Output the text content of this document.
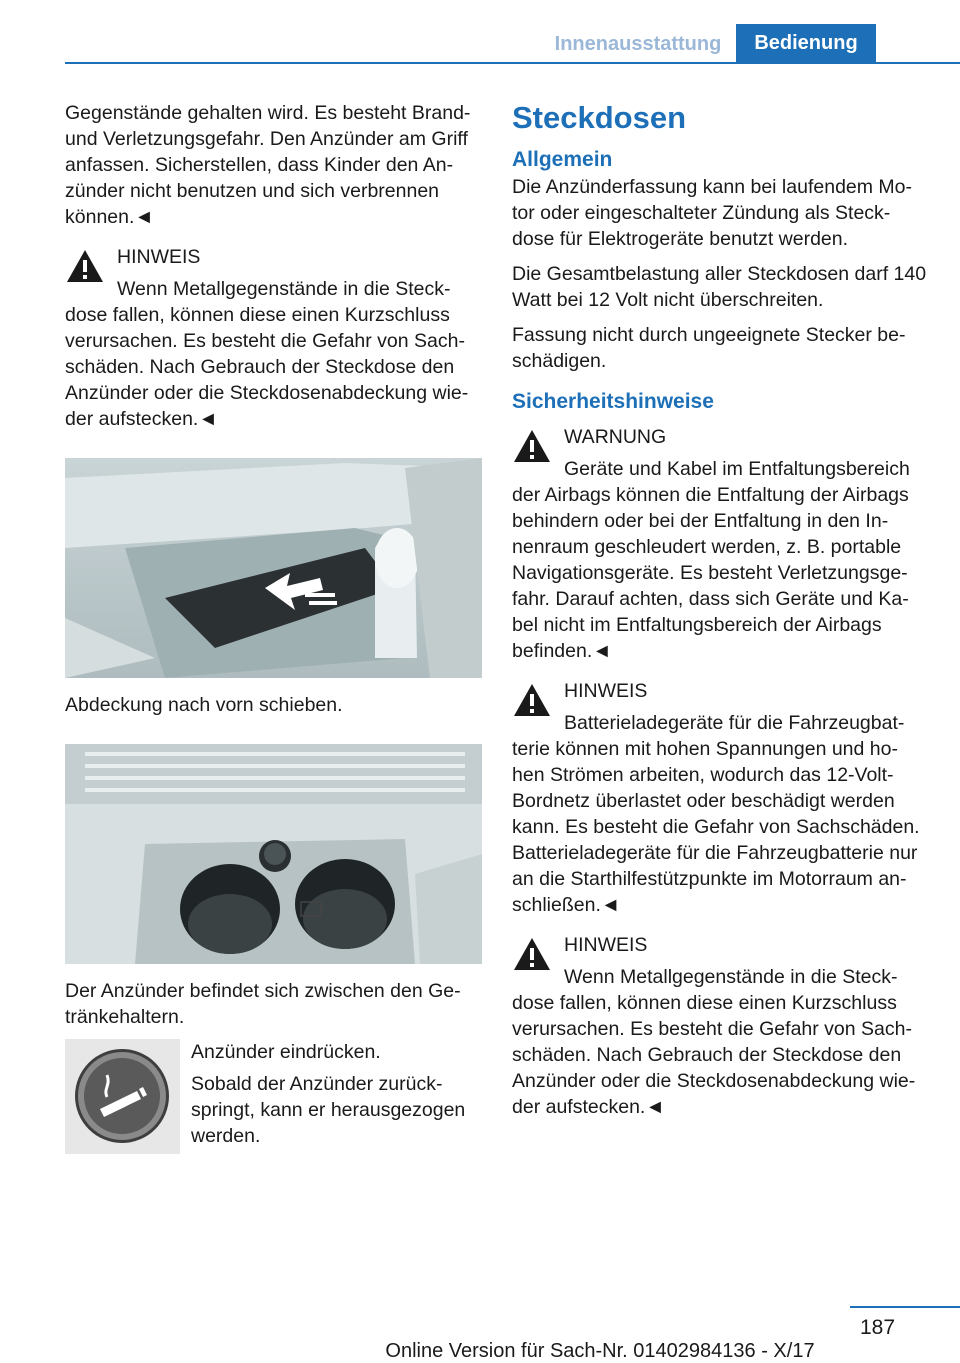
Innenausstattung	Bedienung

Gegenstände gehalten wird. Es besteht Brand- und Verletzungsgefahr. Den Anzünder am Griff anfassen. Sicherstellen, dass Kinder den An- zünder nicht benutzen und sich verbrennen können.◄

HINWEIS
Wenn Metallgegenstände in die Steck- dose fallen, können diese einen Kurzschluss verursachen. Es besteht die Gefahr von Sach- schäden. Nach Gebrauch der Steckdose den Anzünder oder die Steckdosenabdeckung wie- der aufstecken.◄

Abdeckung nach vorn schieben.

Der Anzünder befindet sich zwischen den Ge- tränkehaltern.

Anzünder eindrücken.

Sobald der Anzünder zurück- springt, kann er herausgezogen werden.

Steckdosen
Allgemein

Die Anzünderfassung kann bei laufendem Mo- tor oder eingeschalteter Zündung als Steck- dose für Elektrogeräte benutzt werden.

Die Gesamtbelastung aller Steckdosen darf 140 Watt bei 12 Volt nicht überschreiten.

Fassung nicht durch ungeeignete Stecker be- schädigen.

Sicherheitshinweise
WARNUNG
Geräte und Kabel im Entfaltungsbereich der Airbags können die Entfaltung der Airbags behindern oder bei der Entfaltung in den In- nenraum geschleudert werden, z. B. portable Navigationsgeräte. Es besteht Verletzungsge- fahr. Darauf achten, dass sich Geräte und Ka- bel nicht im Entfaltungsbereich der Airbags befinden.◄
HINWEIS
Batterieladegeräte für die Fahrzeugbat- terie können mit hohen Spannungen und ho- hen Strömen arbeiten, wodurch das 12-Volt- Bordnetz überlastet oder beschädigt werden kann. Es besteht die Gefahr von Sachschäden. Batterieladegeräte für die Fahrzeugbatterie nur an die Starthilfestützpunkte im Motorraum an- schließen.◄
HINWEIS
Wenn Metallgegenstände in die Steck- dose fallen, können diese einen Kurzschluss verursachen. Es besteht die Gefahr von Sach- schäden. Nach Gebrauch der Steckdose den Anzünder oder die Steckdosenabdeckung wie- der aufstecken.◄
187
Online Version für Sach-Nr. 01402984136 - X/17
